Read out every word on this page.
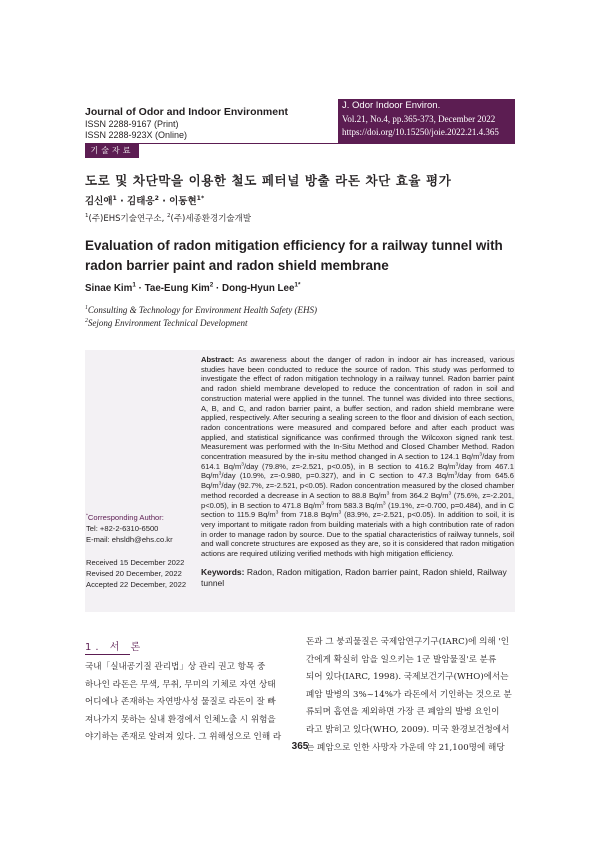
Journal of Odor and Indoor Environment
ISSN 2288-9167 (Print)
ISSN 2288-923X (Online)
J. Odor Indoor Environ.
Vol.21, No.4, pp.365-373, December 2022
https://doi.org/10.15250/joie.2022.21.4.365
기술자료
도로 및 차단막을 이용한 철도 페터널 방출 라돈 차단 효율 평가
김신애$^1$ · 김태응$^2$ · 이동현$^{1*}$
$^1$(주)EHS기술연구소, $^2$(주)세종환경기술개발
Evaluation of radon mitigation efficiency for a railway tunnel with radon barrier paint and radon shield membrane
Sinae Kim$^1$ · Tae-Eung Kim$^2$ · Dong-Hyun Lee$^{1*}$
$^1$Consulting & Technology for Environment Health Safety (EHS)
$^2$Sejong Environment Technical Development
Abstract: As awareness about the danger of radon in indoor air has increased, various studies have been conducted to reduce the source of radon. This study was performed to investigate the effect of radon mitigation technology in a railway tunnel. Radon barrier paint and radon shield membrane developed to reduce the concentration of radon in soil and construction material were applied in the tunnel. The tunnel was divided into three sections, A, B, and C, and radon barrier paint, a buffer section, and radon shield membrane were applied, respectively. After securing a sealing screen to the floor and division of each section, radon concentrations were measured and compared before and after each product was applied, and statistical significance was confirmed through the Wilcoxon signed rank test. Measurement was performed with the In-Situ Method and Closed Chamber Method. Radon concentration measured by the in-situ method changed in A section to 124.1 $Bq/m^3$/day from 614.1 $Bq/m^3$/day (79.8%, z=-2.521, p<0.05), in B section to 416.2 $Bq/m^3$/day from 467.1 $Bq/m^3$/day (10.9%, z=-0.980, p=0.327), and in C section to 47.3 $Bq/m^3$/day from 645.6 $Bq/m^3$/day (92.7%, z=-2.521, p<0.05). Radon concentration measured by the closed chamber method recorded a decrease in A section to 88.8 $Bq/m^3$ from 364.2 $Bq/m^3$ (75.6%, z=-2.201, p<0.05), in B section to 471.8 $Bq/m^3$ from 583.3 $Bq/m^3$ (19.1%, z=-0.700, p=0.484), and in C section to 115.9 $Bq/m^3$ from 718.8 $Bq/m^3$ (83.9%, z=-2.521, p<0.05). In addition to soil, it is very important to mitigate radon from building materials with a high contribution rate of radon in order to manage radon by source. Due to the spatial characteristics of railway tunnels, soil and wall concrete structures are exposed as they are, so it is considered that radon mitigation actions are required utilizing verified methods with high mitigation efficiency.
Keywords: Radon, Radon mitigation, Radon barrier paint, Radon shield, Railway tunnel
*Corresponding Author:
Tel: +82-2-6310-6500
E-mail: ehsldh@ehs.co.kr
Received 15 December 2022
Revised 20 December, 2022
Accepted 22 December, 2022
1. 서 론
국내「실내공기질 관리법」상 관리 권고 항목 중
하나인 라돈은 무색, 무취, 무미의 기체로 자연 상태
어디에나 존재하는 자연방사성 물질로 라돈이 잘 빠
져나가지 못하는 실내 환경에서 인체노출 시 위험을
야기하는 존재로 알려져 있다. 그 위해성으로 인해 라
돈과 그 붕괴물질은 국제암연구기구(IARC)에 의해 '인
간에게 확실히 암을 일으키는 1군 발암물질'로 분류
되어 있다(IARC, 1998). 국제보건기구(WHO)에서는
폐암 발병의 3%~14%가 라돈에서 기인하는 것으로 분
류되며 흡연을 제외하면 가장 큰 폐암의 발병 요인이
라고 밝히고 있다(WHO, 2009). 미국 환경보건청에서
는 폐암으로 인한 사망자 가운데 약 21,100명에 해당
365
